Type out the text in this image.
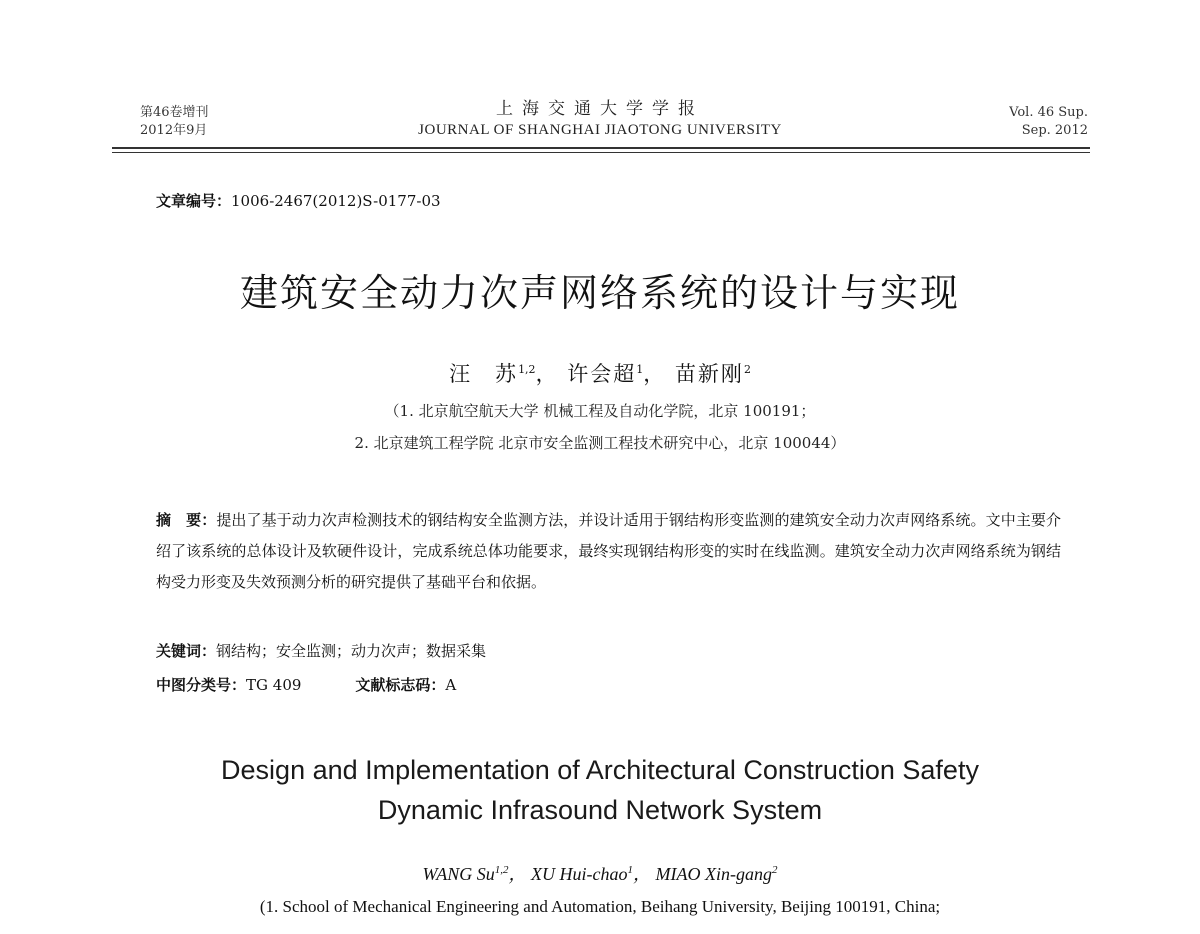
第46卷增刊
2012年9月
上海交通大学学报
JOURNAL OF SHANGHAI JIAOTONG UNIVERSITY
Vol. 46 Sup.
Sep. 2012
文章编号：1006-2467(2012)S-0177-03
建筑安全动力次声网络系统的设计与实现
汪　苏$^{1,2}$， 许会超$^1$， 苗新刚$^2$
（1. 北京航空航天大学 机械工程及自动化学院，北京 100191；
2. 北京建筑工程学院 北京市安全监测工程技术研究中心，北京 100044）
摘　要：提出了基于动力次声检测技术的钢结构安全监测方法，并设计适用于钢结构形变监测的建筑安全动力次声网络系统。文中主要介绍了该系统的总体设计及软硬件设计，完成系统总体功能要求，最终实现钢结构形变的实时在线监测。建筑安全动力次声网络系统为钢结构受力形变及失效预测分析的研究提供了基础平台和依据。
关键词：钢结构；安全监测；动力次声；数据采集
中图分类号：TG 409	文献标志码：A
Design and Implementation of Architectural Construction Safety
Dynamic Infrasound Network System
WANG Su$^{1,2}$， XU Hui-chao$^1$， MIAO Xin-gang$^2$
(1. School of Mechanical Engineering and Automation, Beihang University, Beijing 100191, China;
